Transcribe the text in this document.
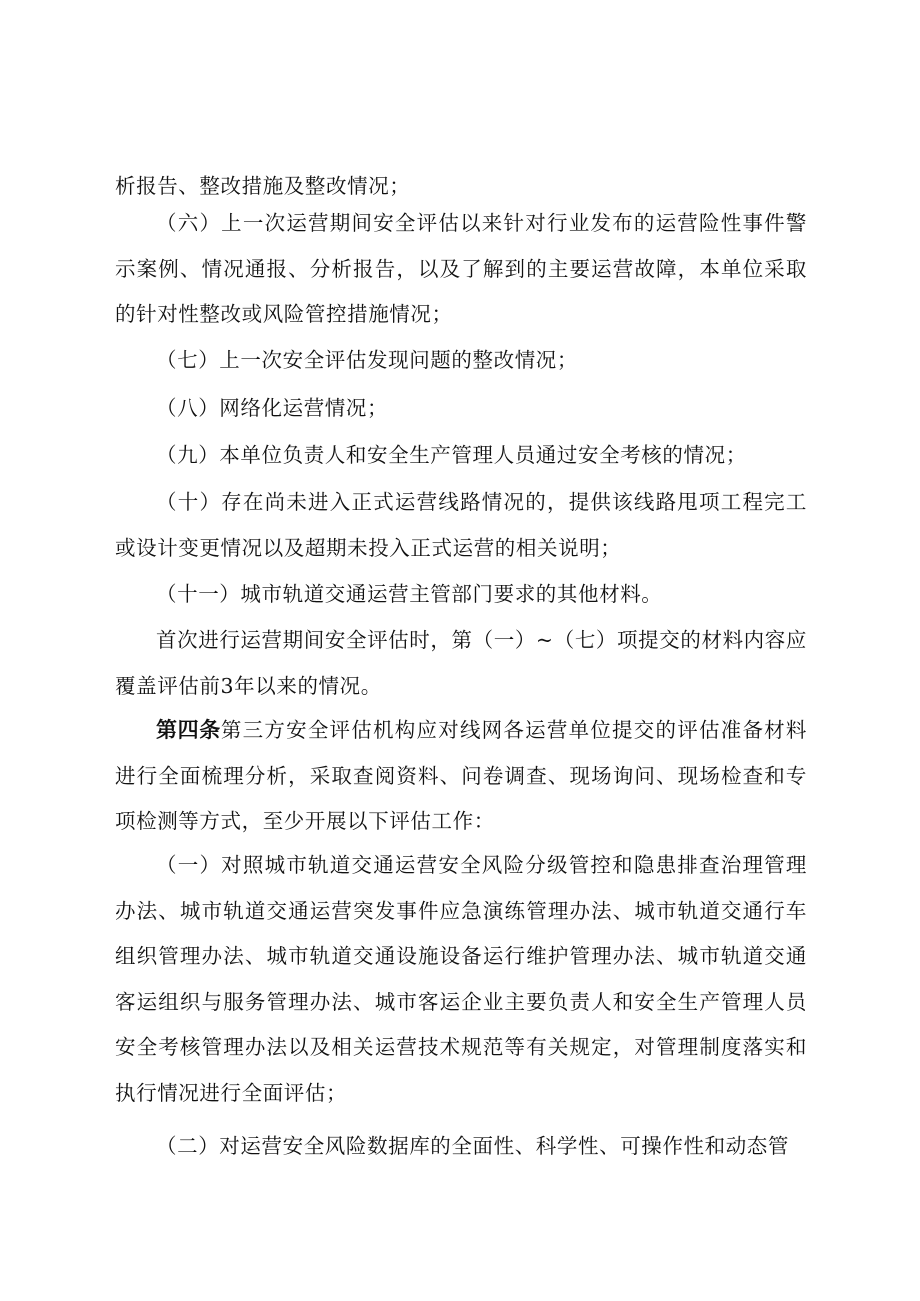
析报告、整改措施及整改情况；

（六）上一次运营期间安全评估以来针对行业发布的运营险性事件警示案例、情况通报、分析报告，以及了解到的主要运营故障，本单位采取的针对性整改或风险管控措施情况；

（七）上一次安全评估发现问题的整改情况；

（八）网络化运营情况；

（九）本单位负责人和安全生产管理人员通过安全考核的情况；

（十）存在尚未进入正式运营线路情况的，提供该线路甩项工程完工或设计变更情况以及超期未投入正式运营的相关说明；

（十一）城市轨道交通运营主管部门要求的其他材料。

首次进行运营期间安全评估时，第（一）~（七）项提交的材料内容应覆盖评估前3年以来的情况。

第四条第三方安全评估机构应对线网各运营单位提交的评估准备材料进行全面梳理分析，采取查阅资料、问卷调查、现场询问、现场检查和专项检测等方式，至少开展以下评估工作：

（一）对照城市轨道交通运营安全风险分级管控和隐患排查治理管理办法、城市轨道交通运营突发事件应急演练管理办法、城市轨道交通行车组织管理办法、城市轨道交通设施设备运行维护管理办法、城市轨道交通客运组织与服务管理办法、城市客运企业主要负责人和安全生产管理人员安全考核管理办法以及相关运营技术规范等有关规定，对管理制度落实和执行情况进行全面评估；

（二）对运营安全风险数据库的全面性、科学性、可操作性和动态管
